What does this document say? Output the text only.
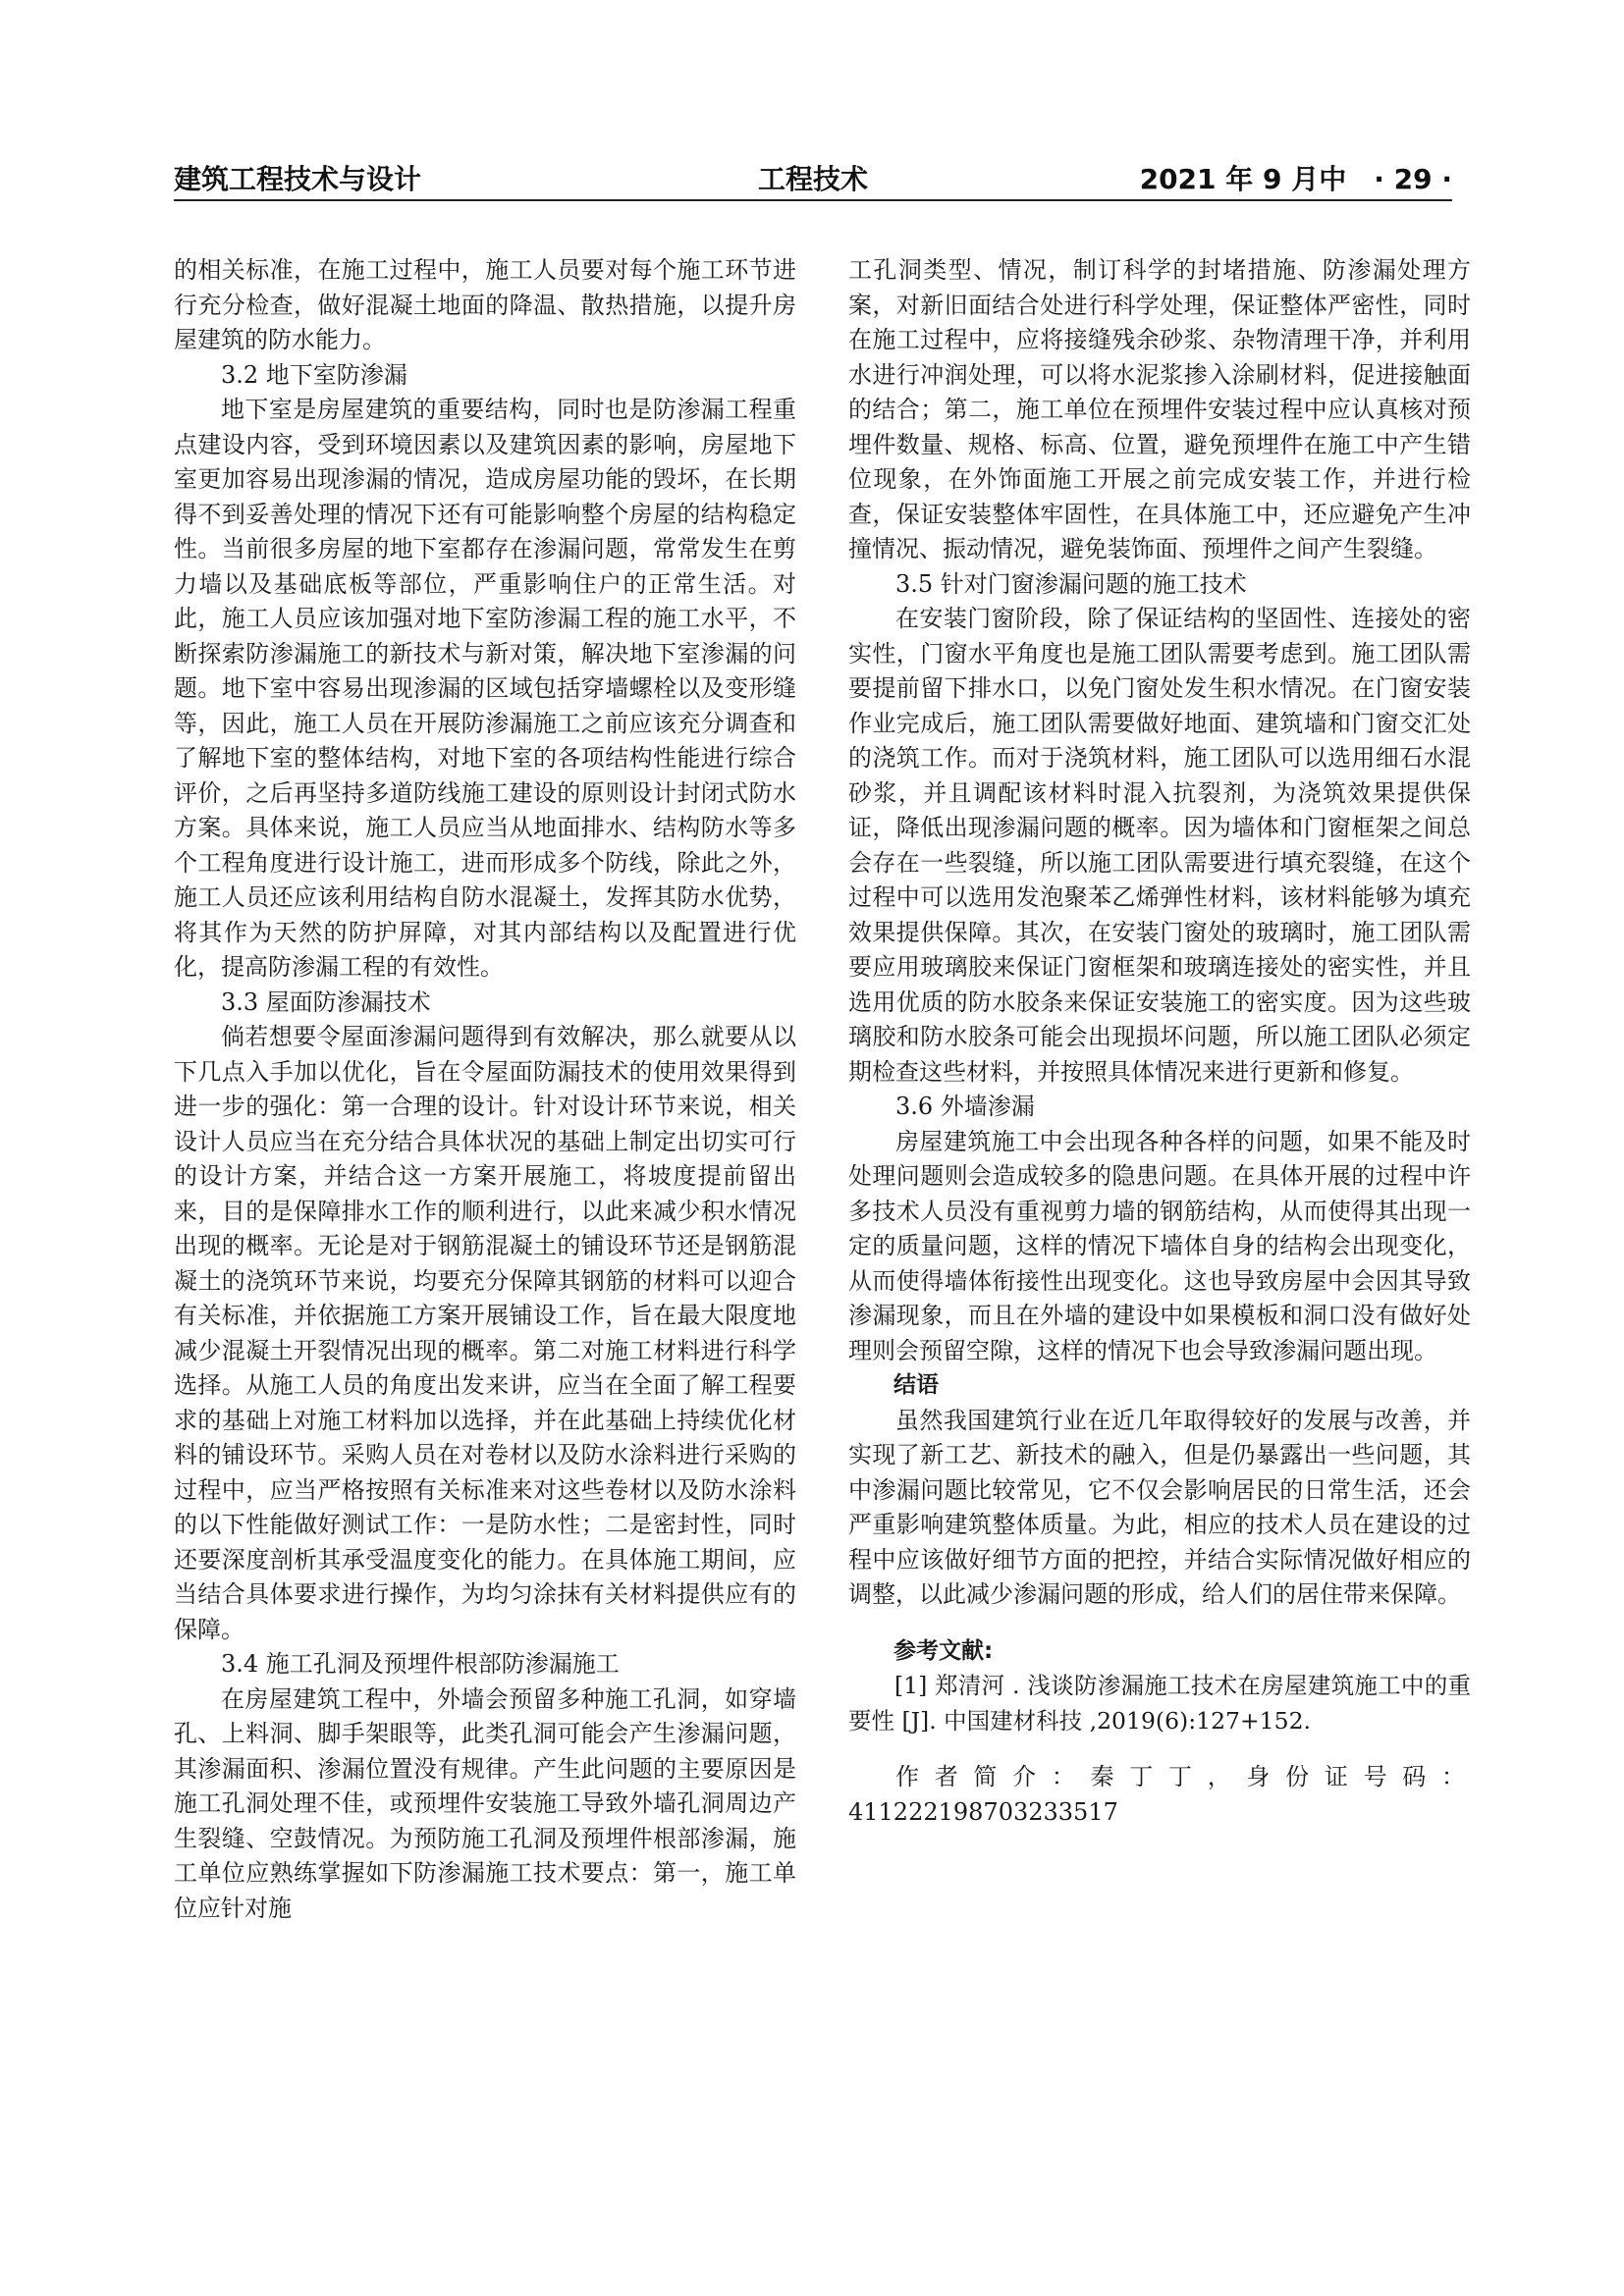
建筑工程技术与设计	工程技术	2021 年 9 月中 · 29 ·

的相关标准，在施工过程中，施工人员要对每个施工环节进行充分检查，做好混凝土地面的降温、散热措施，以提升房屋建筑的防水能力。

3.2 地下室防渗漏

地下室是房屋建筑的重要结构，同时也是防渗漏工程重点建设内容，受到环境因素以及建筑因素的影响，房屋地下室更加容易出现渗漏的情况，造成房屋功能的毁坏，在长期得不到妥善处理的情况下还有可能影响整个房屋的结构稳定性。当前很多房屋的地下室都存在渗漏问题，常常发生在剪力墙以及基础底板等部位，严重影响住户的正常生活。对此，施工人员应该加强对地下室防渗漏工程的施工水平，不断探索防渗漏施工的新技术与新对策，解决地下室渗漏的问题。地下室中容易出现渗漏的区域包括穿墙螺栓以及变形缝等，因此，施工人员在开展防渗漏施工之前应该充分调查和了解地下室的整体结构，对地下室的各项结构性能进行综合评价，之后再坚持多道防线施工建设的原则设计封闭式防水方案。具体来说，施工人员应当从地面排水、结构防水等多个工程角度进行设计施工，进而形成多个防线，除此之外，施工人员还应该利用结构自防水混凝土，发挥其防水优势，将其作为天然的防护屏障，对其内部结构以及配置进行优化，提高防渗漏工程的有效性。

3.3 屋面防渗漏技术

倘若想要令屋面渗漏问题得到有效解决，那么就要从以下几点入手加以优化，旨在令屋面防漏技术的使用效果得到进一步的强化：第一合理的设计。针对设计环节来说，相关设计人员应当在充分结合具体状况的基础上制定出切实可行的设计方案，并结合这一方案开展施工，将坡度提前留出来，目的是保障排水工作的顺利进行，以此来减少积水情况出现的概率。无论是对于钢筋混凝土的铺设环节还是钢筋混凝土的浇筑环节来说，均要充分保障其钢筋的材料可以迎合有关标准，并依据施工方案开展铺设工作，旨在最大限度地减少混凝土开裂情况出现的概率。第二对施工材料进行科学选择。从施工人员的角度出发来讲，应当在全面了解工程要求的基础上对施工材料加以选择，并在此基础上持续优化材料的铺设环节。采购人员在对卷材以及防水涂料进行采购的过程中，应当严格按照有关标准来对这些卷材以及防水涂料的以下性能做好测试工作：一是防水性；二是密封性，同时还要深度剖析其承受温度变化的能力。在具体施工期间，应当结合具体要求进行操作，为均匀涂抹有关材料提供应有的保障。

3.4 施工孔洞及预埋件根部防渗漏施工

在房屋建筑工程中，外墙会预留多种施工孔洞，如穿墙孔、上料洞、脚手架眼等，此类孔洞可能会产生渗漏问题，其渗漏面积、渗漏位置没有规律。产生此问题的主要原因是施工孔洞处理不佳，或预埋件安装施工导致外墙孔洞周边产生裂缝、空鼓情况。为预防施工孔洞及预埋件根部渗漏，施工单位应熟练掌握如下防渗漏施工技术要点：第一，施工单位应针对施

工孔洞类型、情况，制订科学的封堵措施、防渗漏处理方案，对新旧面结合处进行科学处理，保证整体严密性，同时在施工过程中，应将接缝残余砂浆、杂物清理干净，并利用水进行冲润处理，可以将水泥浆掺入涂刷材料，促进接触面的结合；第二，施工单位在预埋件安装过程中应认真核对预埋件数量、规格、标高、位置，避免预埋件在施工中产生错位现象，在外饰面施工开展之前完成安装工作，并进行检查，保证安装整体牢固性，在具体施工中，还应避免产生冲撞情况、振动情况，避免装饰面、预埋件之间产生裂缝。

3.5 针对门窗渗漏问题的施工技术

在安装门窗阶段，除了保证结构的坚固性、连接处的密实性，门窗水平角度也是施工团队需要考虑到。施工团队需要提前留下排水口，以免门窗处发生积水情况。在门窗安装作业完成后，施工团队需要做好地面、建筑墙和门窗交汇处的浇筑工作。而对于浇筑材料，施工团队可以选用细石水混砂浆，并且调配该材料时混入抗裂剂，为浇筑效果提供保证，降低出现渗漏问题的概率。因为墙体和门窗框架之间总会存在一些裂缝，所以施工团队需要进行填充裂缝，在这个过程中可以选用发泡聚苯乙烯弹性材料，该材料能够为填充效果提供保障。其次，在安装门窗处的玻璃时，施工团队需要应用玻璃胶来保证门窗框架和玻璃连接处的密实性，并且选用优质的防水胶条来保证安装施工的密实度。因为这些玻璃胶和防水胶条可能会出现损坏问题，所以施工团队必须定期检查这些材料，并按照具体情况来进行更新和修复。

3.6 外墙渗漏

房屋建筑施工中会出现各种各样的问题，如果不能及时处理问题则会造成较多的隐患问题。在具体开展的过程中许多技术人员没有重视剪力墙的钢筋结构，从而使得其出现一定的质量问题，这样的情况下墙体自身的结构会出现变化，从而使得墙体衔接性出现变化。这也导致房屋中会因其导致渗漏现象，而且在外墙的建设中如果模板和洞口没有做好处理则会预留空隙，这样的情况下也会导致渗漏问题出现。

结语

虽然我国建筑行业在近几年取得较好的发展与改善，并实现了新工艺、新技术的融入，但是仍暴露出一些问题，其中渗漏问题比较常见，它不仅会影响居民的日常生活，还会严重影响建筑整体质量。为此，相应的技术人员在建设的过程中应该做好细节方面的把控，并结合实际情况做好相应的调整，以此减少渗漏问题的形成，给人们的居住带来保障。

参考文献:

[1] 郑清河 . 浅谈防渗漏施工技术在房屋建筑施工中的重要性 [J]. 中国建材科技 ,2019(6):127+152.

作者简介：秦丁丁，身份证号码：

411222198703233517
